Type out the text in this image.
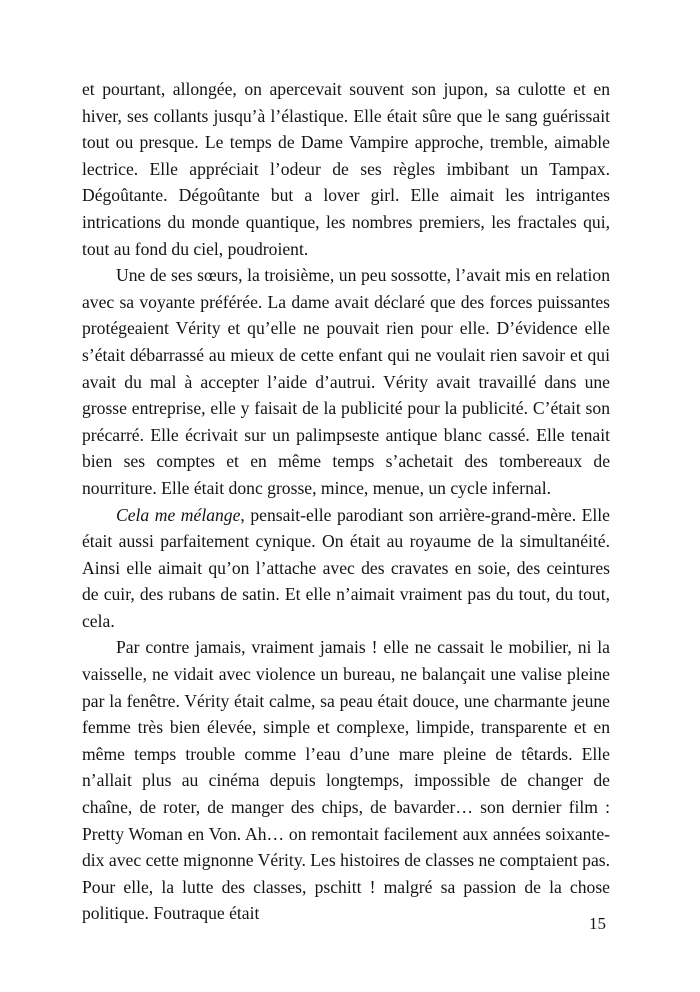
et pourtant, allongée, on apercevait souvent son jupon, sa culotte et en hiver, ses collants jusqu’à l’élastique. Elle était sûre que le sang guérissait tout ou presque. Le temps de Dame Vampire approche, tremble, aimable lectrice. Elle appréciait l’odeur de ses règles imbibant un Tampax. Dégoûtante. Dégoûtante but a lover girl. Elle aimait les intrigantes intrications du monde quantique, les nombres premiers, les fractales qui, tout au fond du ciel, poudroient.

Une de ses sœurs, la troisième, un peu sossotte, l’avait mis en relation avec sa voyante préférée. La dame avait déclaré que des forces puissantes protégeaient Vérity et qu’elle ne pouvait rien pour elle. D’évidence elle s’était débarrassé au mieux de cette enfant qui ne voulait rien savoir et qui avait du mal à accepter l’aide d’autrui. Vérity avait travaillé dans une grosse entreprise, elle y faisait de la publicité pour la publicité. C’était son précarré. Elle écrivait sur un palimpseste antique blanc cassé. Elle tenait bien ses comptes et en même temps s’achetait des tombereaux de nourriture. Elle était donc grosse, mince, menue, un cycle infernal.

Cela me mélange, pensait-elle parodiant son arrière-grand-mère. Elle était aussi parfaitement cynique. On était au royaume de la simultanéité. Ainsi elle aimait qu’on l’attache avec des cravates en soie, des ceintures de cuir, des rubans de satin. Et elle n’aimait vraiment pas du tout, du tout, cela.

Par contre jamais, vraiment jamais ! elle ne cassait le mobilier, ni la vaisselle, ne vidait avec violence un bureau, ne balançait une valise pleine par la fenêtre. Vérity était calme, sa peau était douce, une charmante jeune femme très bien élevée, simple et complexe, limpide, transparente et en même temps trouble comme l’eau d’une mare pleine de têtards. Elle n’allait plus au cinéma depuis longtemps, impossible de changer de chaîne, de roter, de manger des chips, de bavarder… son dernier film : Pretty Woman en Von. Ah… on remontait facilement aux années soixante-dix avec cette mignonne Vérity. Les histoires de classes ne comptaient pas. Pour elle, la lutte des classes, pschitt ! malgré sa passion de la chose politique. Foutraque était

15
